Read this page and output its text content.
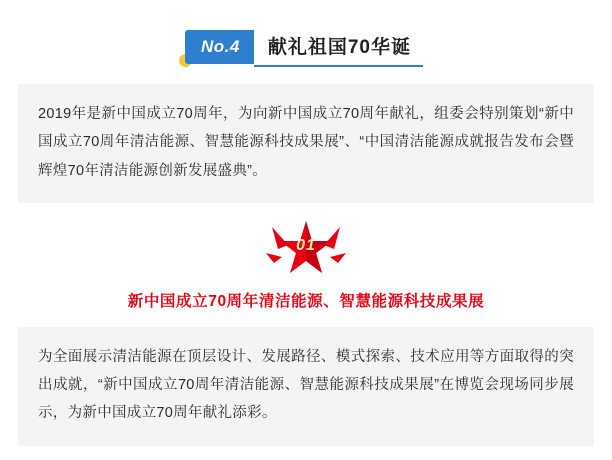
No.4	献礼祖国70华诞
2019年是新中国成立70周年，为向新中国成立70周年献礼，组委会特别策划“新中国成立70周年清洁能源、智慧能源科技成果展”、“中国清洁能源成就报告发布会暨辉煌70年清洁能源创新发展盛典”。
01
新中国成立70周年清洁能源、智慧能源科技成果展
为全面展示清洁能源在顶层设计、发展路径、模式探索、技术应用等方面取得的突出成就，“新中国成立70周年清洁能源、智慧能源科技成果展”在博览会现场同步展示，为新中国成立70周年献礼添彩。
